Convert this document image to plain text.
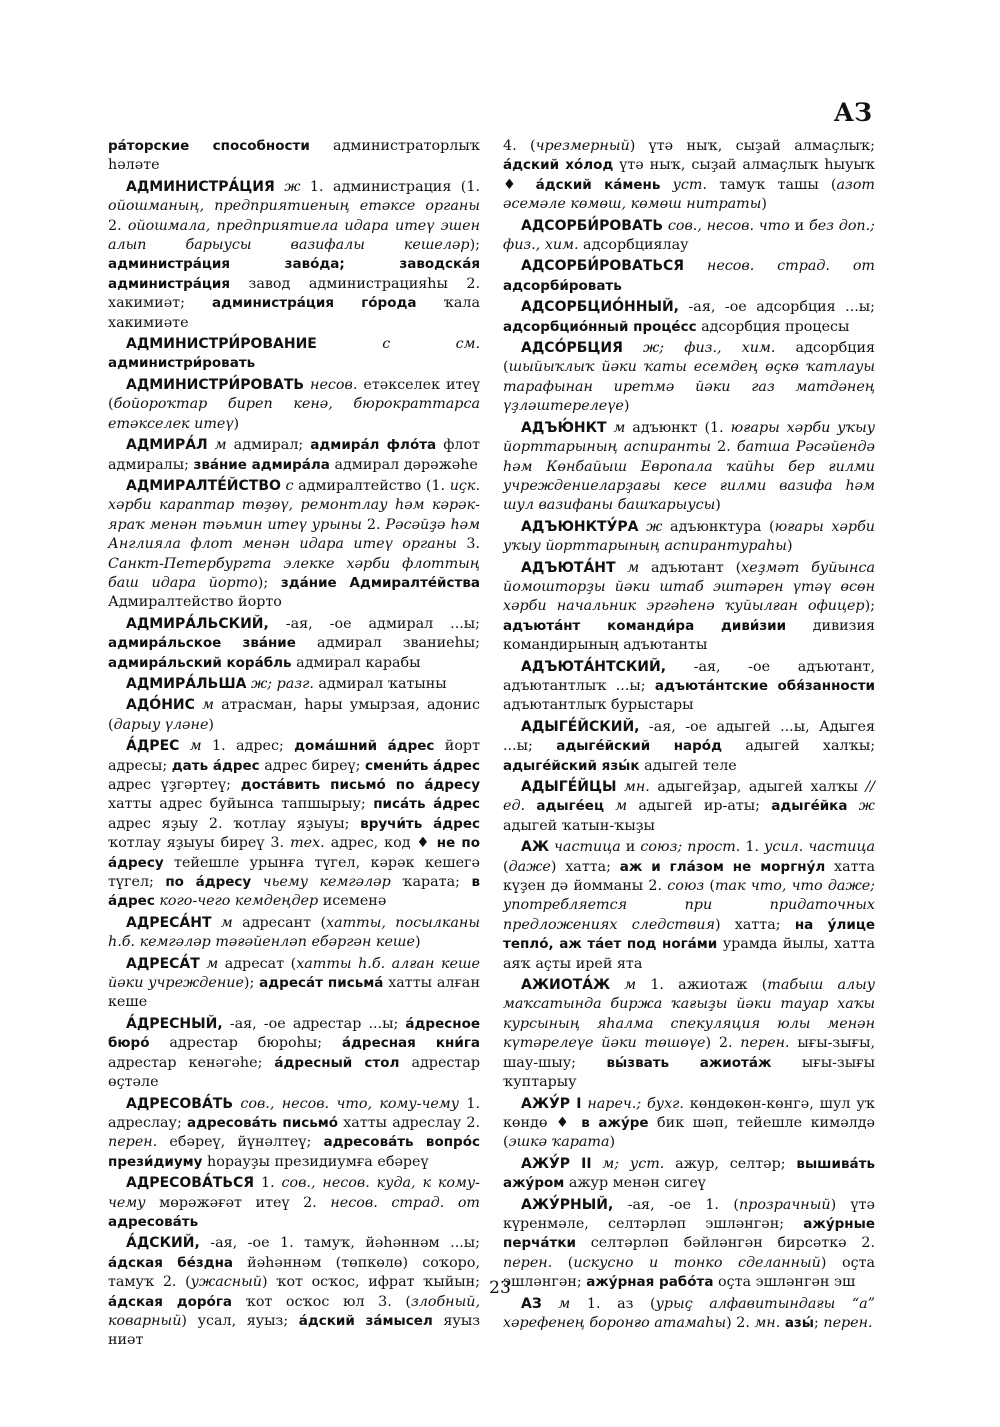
АЗ

ра́торские способности администраторлыҡ һәләте

АДМИНИСТРА́ЦИЯ ж 1. администрация (1. ойошманың, предприятиеның етәксе органы 2. ойошмала, предприятиела идара итеү эшен алып барыусы вазифалы кешеләр); администра́ция заво́да; заводска́я администра́ция завод администрацияһы 2. хакимиәт; администра́ция го́рода ҡала хакимиәте

АДМИНИСТРИ́РОВАНИЕ с см. администри́ровать

АДМИНИСТРИ́РОВАТЬ несов. етәкселек итеү (бойороҡтар биреп кенә, бюрократтарса етәкселек итеү)

АДМИРА́Л м адмирал; адмира́л фло́та флот адмиралы; зва́ние адмира́ла адмирал дәрәжәһе

АДМИРАЛТЕ́ЙСТВО с адмиралтейство (1. иҫк. хәрби караптар төҙөү, ремонтлау һәм кәрәк-яраҡ менән тәьмин итеү урыны 2. Рәсәйҙә һәм Англияла флот менән идара итеү органы 3. Санкт-Петербургта элекке хәрби флоттың баш идара йорто); зда́ние Адмиралте́йства Адмиралтейство йорто

АДМИРА́ЛЬСКИЙ, -ая, -ое адмирал ...ы; адмира́льское зва́ние адмирал званиеһы; адмира́льский кора́бль адмирал карабы

АДМИРА́ЛЬША ж; разг. адмирал ҡатыны

АДО́НИС м атрасман, һары умырзая, адонис (дарыу үләне)

А́ДРЕС м 1. адрес; дома́шний а́дрес йорт адресы; дать а́дрес адрес биреү; смени́ть а́дрес адрес үҙгәртеү; доста́вить письмо́ по а́дресу хатты адрес буйынса тапшырыу; писа́ть а́дрес адрес яҙыу 2. ҡотлау яҙыуы; вручи́ть а́дрес ҡотлау яҙыуы биреү 3. тех. адрес, код ♦ не по а́дресу тейешле урынға түгел, кәрәк кешегә түгел; по а́дресу чьему кемгәләр ҡарата; в а́дрес кого-чего кемдеңдер исеменә

АДРЕСА́НТ м адресант (хатты, посылканы һ.б. кемгәләр тәғәйенләп ебәргән кеше)

АДРЕСА́Т м адресат (хатты һ.б. алған кеше йәки учреждение); адреса́т письма́ хатты алған кеше

А́ДРЕСНЫЙ, -ая, -ое адрестар ...ы; а́дресное бюро́ адрестар бюроһы; а́дресная кни́га адрестар кенәгәһе; а́дресный стол адрестар өҫтәле

АДРЕСОВА́ТЬ сов., несов. что, кому-чему 1. адреслау; адресова́ть письмо́ хатты адреслау 2. перен. ебәреү, йүнәлтеү; адресова́ть вопро́с прези́диуму һорауҙы президиумға ебәреү

АДРЕСОВА́ТЬСЯ 1. сов., несов. куда, к кому-чему мөрәжәғәт итеү 2. несов. страд. от адресова́ть

А́ДСКИЙ, -ая, -ое 1. тамуҡ, йәһәннәм ...ы; а́дская бе́здна йәһәннәм (төпкөлө) соҡоро, тамуҡ 2. (ужасный) ҡот осҡос, ифрат ҡыйын; а́дская доро́га ҡот осҡос юл 3. (злобный, коварный) усал, яуыз; а́дский за́мысел яуыз ниәт

4. (чрезмерный) үтә ныҡ, сыҙай алмаҫлыҡ; а́дский хо́лод үтә ныҡ, сыҙай алмаҫлыҡ һыуыҡ ♦ а́дский ка́мень уст. тамуҡ ташы (азот әсемәле көмөш, көмөш нитраты)

АДСОРБИ́РОВАТЬ сов., несов. что и без доп.; физ., хим. адсорбциялау

АДСОРБИ́РОВАТЬСЯ несов. страд. от адсорби́ровать

АДСОРБЦИО́ННЫЙ, -ая, -ое адсорбция ...ы; адсорбцио́нный проце́сс адсорбция процесы

АДСО́РБЦИЯ ж; физ., хим. адсорбция (шыйыҡлыҡ йәки ҡаты есемдең өҫкө ҡатлауы тарафынан иретмә йәки газ матдәнең үҙләштерелеүе)

АДЪЮ́НКТ м адъюнкт (1. юғары хәрби уҡыу йорттарының аспиранты 2. батша Рәсәйендә һәм Көнбайыш Европала ҡайһы бер ғилми учреждениеларҙағы кесе ғилми вазифа һәм шул вазифаны башҡарыусы)

АДЪЮНКТУ́РА ж адъюнктура (юғары хәрби уҡыу йорттарының аспирантураһы)

АДЪЮТА́НТ м адъютант (хеҙмәт буйынса йомошторҙы йәки штаб эштәрен үтәү өсөн хәрби начальник эргәһенә ҡуйылған офицер); адъюта́нт команди́ра диви́зии дивизия командирының адъютанты

АДЪЮТА́НТСКИЙ, -ая, -ое адъютант, адъютантлыҡ ...ы; адъюта́нтские обя́занности адъютантлыҡ бурыстары

АДЫГЕ́ЙСКИЙ, -ая, -ое адыгей ...ы, Адыгея ...ы; адыге́йский наро́д адыгей халҡы; адыге́йский язы́к адыгей теле

АДЫГЕ́ЙЦЫ мн. адыгейҙар, адыгей халҡы // ед. адыге́ец м адыгей ир-аты; адыге́йка ж адыгей ҡатын-ҡыҙы

АЖ частица и союз; прост. 1. усил. частица (даже) хатта; аж и гла́зом не моргну́л хатта күҙен дә йомманы 2. союз (так что, что даже; употребляется при придаточных предложениях следствия) хатта; на у́лице тепло́, аж та́ет под нога́ми урамда йылы, хатта аяҡ аҫты ирей ята

АЖИОТА́Ж м 1. ажиотаж (табыш алыу маҡсатында биржа ҡағыҙы йәки тауар хаҡы курсының яһалма спекуляция юлы менән күтәрелеүе йәки төшөүе) 2. перен. ығы-зығы, шау-шыу; вы́звать ажиота́ж ығы-зығы ҡуптарыу

АЖУ́Р I нареч.; бухг. көндөкөн-көнгә, шул уҡ көндө ♦ в ажу́ре бик шәп, тейешле кимәлдә (эшкә ҡарата)

АЖУ́Р II м; уст. ажур, селтәр; вышива́ть ажу́ром ажур менән сигеү

АЖУ́РНЫЙ, -ая, -ое 1. (прозрачный) үтә күренмәле, селтәрләп эшләнгән; ажу́рные перча́тки селтәрләп бәйләнгән бирсәткә 2. перен. (искусно и тонко сделанный) оҫта эшләнгән; ажу́рная рабо́та оҫта эшләнгән эш

АЗ м 1. аз (урыҫ алфавитындағы “а” хәрефенең боронғо атамаһы) 2. мн. азы́; перен.

23
